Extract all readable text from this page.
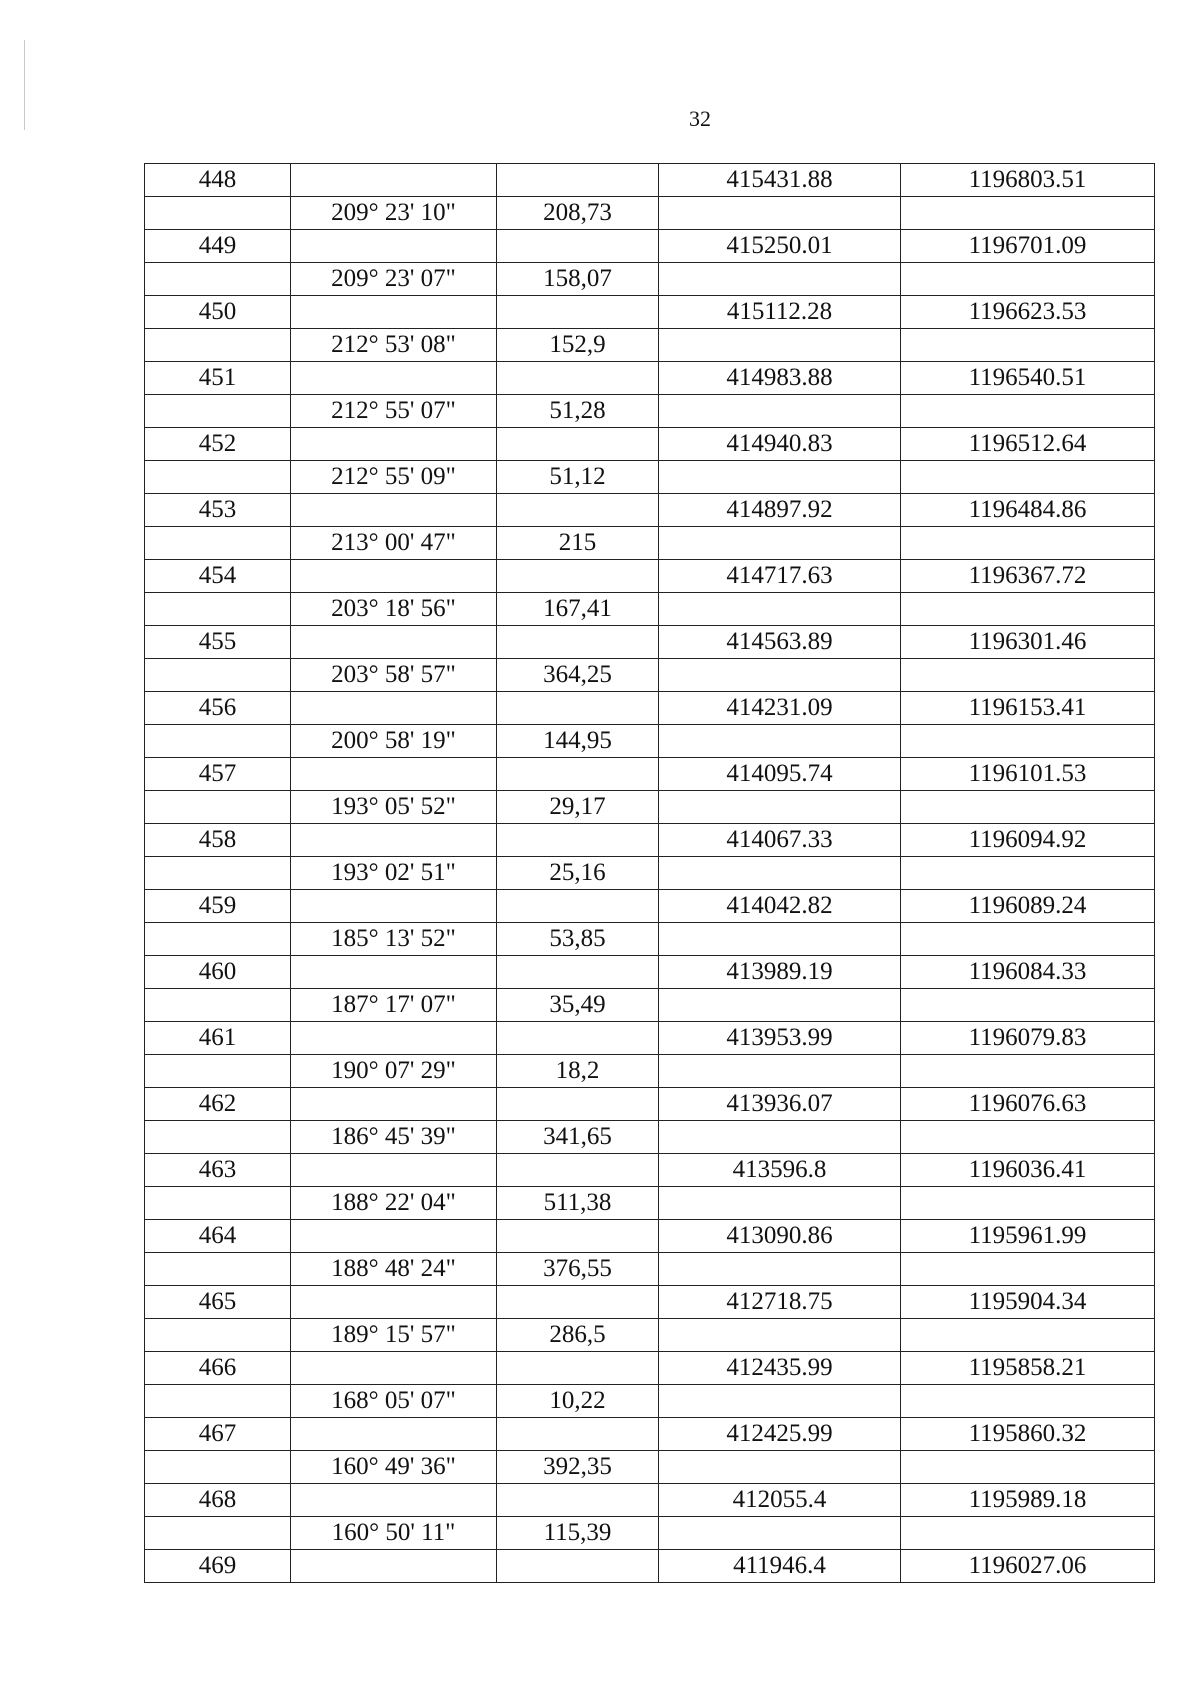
32
448			415431.88	1196803.51
	209° 23' 10"	208,73		
449			415250.01	1196701.09
	209° 23' 07"	158,07		
450			415112.28	1196623.53
	212° 53' 08"	152,9		
451			414983.88	1196540.51
	212° 55' 07"	51,28		
452			414940.83	1196512.64
	212° 55' 09"	51,12		
453			414897.92	1196484.86
	213° 00' 47"	215		
454			414717.63	1196367.72
	203° 18' 56"	167,41		
455			414563.89	1196301.46
	203° 58' 57"	364,25		
456			414231.09	1196153.41
	200° 58' 19"	144,95		
457			414095.74	1196101.53
	193° 05' 52"	29,17		
458			414067.33	1196094.92
	193° 02' 51"	25,16		
459			414042.82	1196089.24
	185° 13' 52"	53,85		
460			413989.19	1196084.33
	187° 17' 07"	35,49		
461			413953.99	1196079.83
	190° 07' 29"	18,2		
462			413936.07	1196076.63
	186° 45' 39"	341,65		
463			413596.8	1196036.41
	188° 22' 04"	511,38		
464			413090.86	1195961.99
	188° 48' 24"	376,55		
465			412718.75	1195904.34
	189° 15' 57"	286,5		
466			412435.99	1195858.21
	168° 05' 07"	10,22		
467			412425.99	1195860.32
	160° 49' 36"	392,35		
468			412055.4	1195989.18
	160° 50' 11"	115,39		
469			411946.4	1196027.06
